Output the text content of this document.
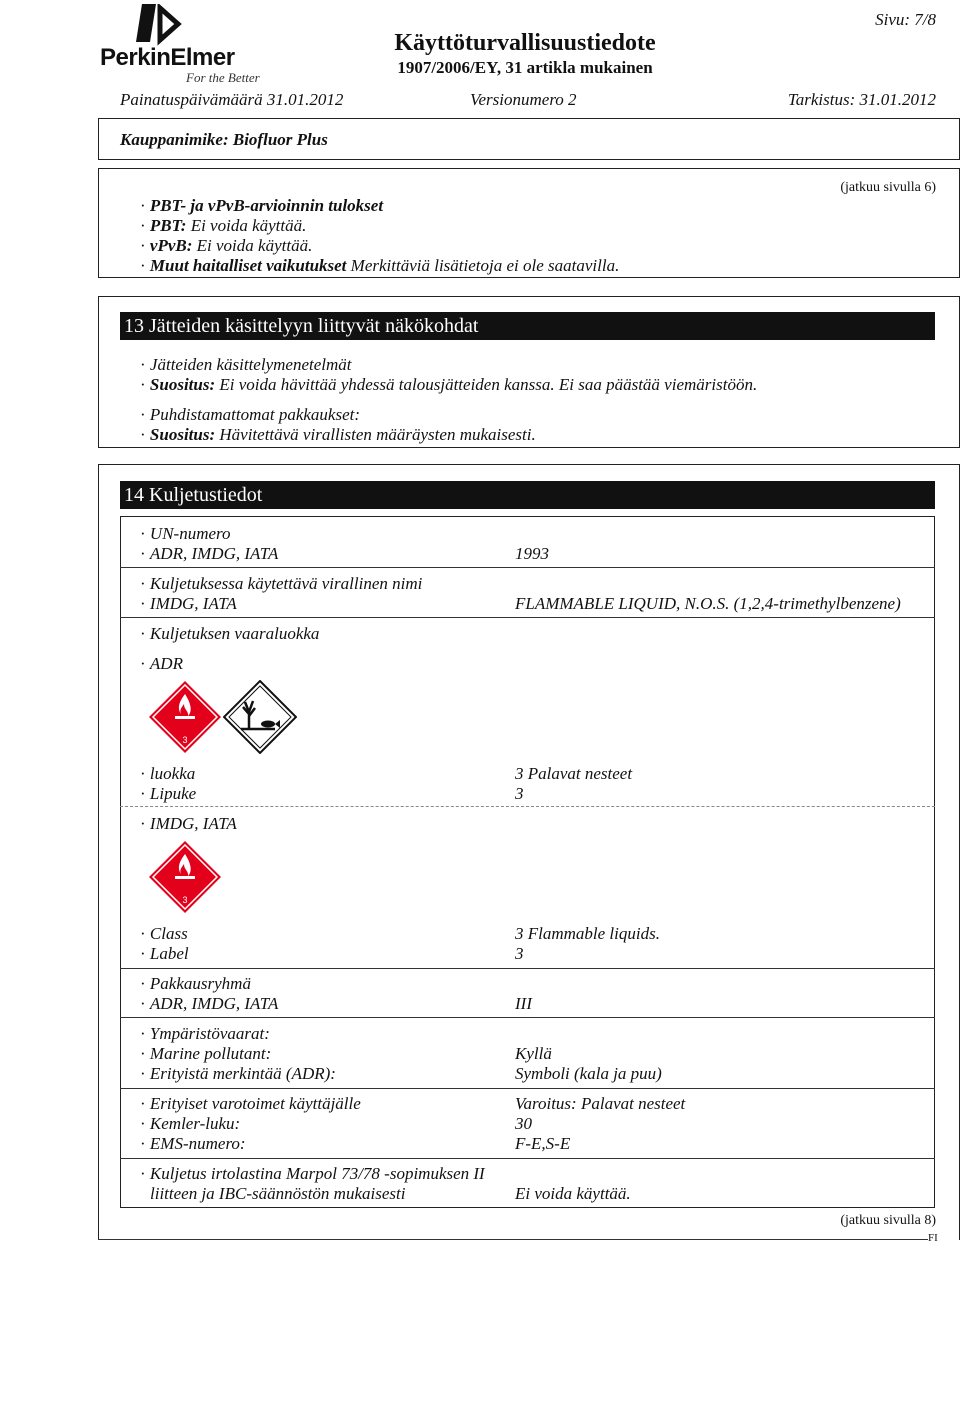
PerkinElmer
For the Better
Käyttöturvallisuustiedote
1907/2006/EY, 31 artikla mukainen
Sivu: 7/8
Painatuspäivämäärä 31.01.2012	Versionumero 2	Tarkistus: 31.01.2012
Kauppanimike: Biofluor Plus
(jatkuu sivulla 6)
· PBT- ja vPvB-arvioinnin tulokset
· PBT: Ei voida käyttää.
· vPvB: Ei voida käyttää.
· Muut haitalliset vaikutukset Merkittäviä lisätietoja ei ole saatavilla.
13 Jätteiden käsittelyyn liittyvät näkökohdat
· Jätteiden käsittelymenetelmät
· Suositus: Ei voida hävittää yhdessä talousjätteiden kanssa. Ei saa päästää viemäristöön.
· Puhdistamattomat pakkaukset:
· Suositus: Hävitettävä virallisten määräysten mukaisesti.
14 Kuljetustiedot
· UN-numero
· ADR, IMDG, IATA	1993
· Kuljetuksessa käytettävä virallinen nimi
· IMDG, IATA	FLAMMABLE LIQUID, N.O.S. (1,2,4-trimethylbenzene)
· Kuljetuksen vaaraluokka
· ADR
3
· luokka	3 Palavat nesteet
· Lipuke	3
· IMDG, IATA
3
· Class	3 Flammable liquids.
· Label	3
· Pakkausryhmä
· ADR, IMDG, IATA	III
· Ympäristövaarat:
· Marine pollutant:	Kyllä
· Erityistä merkintää (ADR):	Symboli (kala ja puu)
· Erityiset varotoimet käyttäjälle	Varoitus: Palavat nesteet
· Kemler-luku:	30
· EMS-numero:	F-E,S-E
· Kuljetus irtolastina Marpol 73/78 -sopimuksen II
liitteen ja IBC-säännöstön mukaisesti	Ei voida käyttää.
(jatkuu sivulla 8)
FI
